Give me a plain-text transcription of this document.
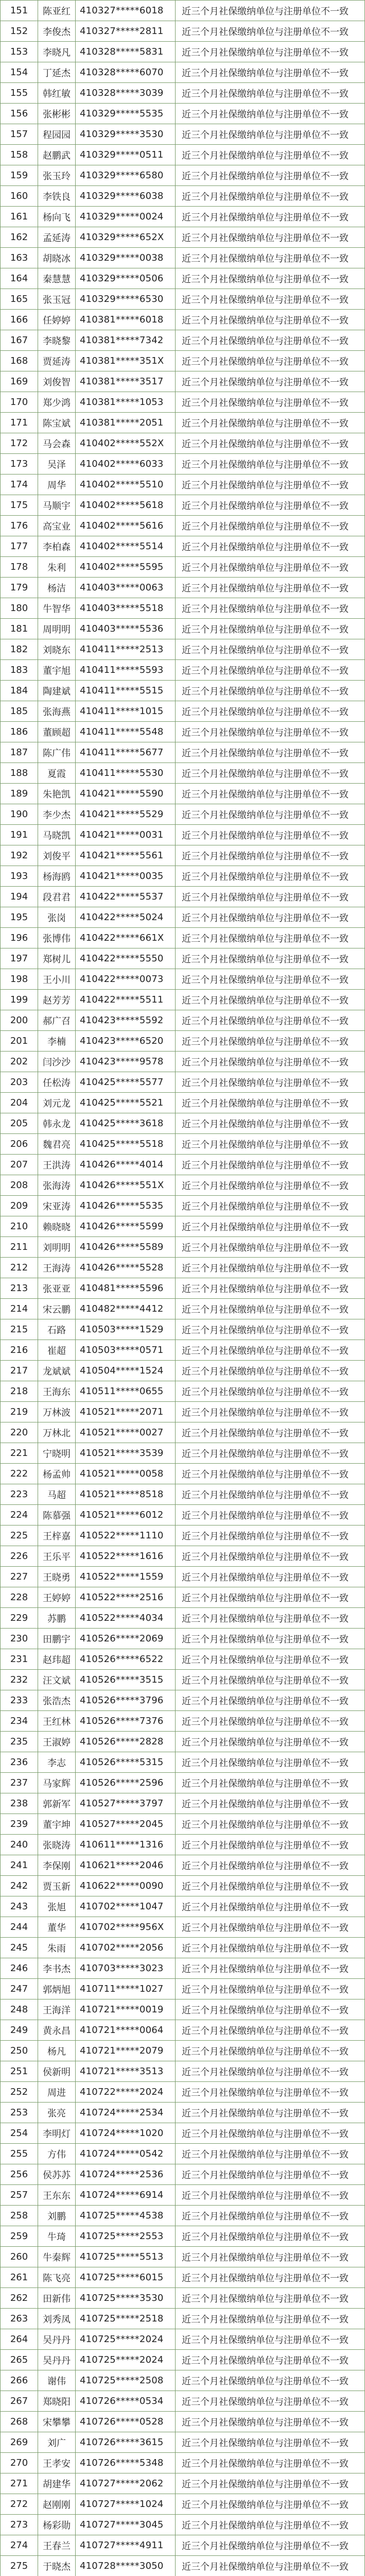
151	陈亚红	410327*****6018	近三个月社保缴纳单位与注册单位不一致
152	李俊杰	410327*****2811	近三个月社保缴纳单位与注册单位不一致
153	李晓凡	410328*****5831	近三个月社保缴纳单位与注册单位不一致
154	丁延杰	410328*****6070	近三个月社保缴纳单位与注册单位不一致
155	韩红敏	410328*****3039	近三个月社保缴纳单位与注册单位不一致
156	张彬彬	410329*****5535	近三个月社保缴纳单位与注册单位不一致
157	程园园	410329*****3530	近三个月社保缴纳单位与注册单位不一致
158	赵鹏武	410329*****0511	近三个月社保缴纳单位与注册单位不一致
159	张玉玲	410329*****6580	近三个月社保缴纳单位与注册单位不一致
160	李铁良	410329*****6038	近三个月社保缴纳单位与注册单位不一致
161	杨向飞	410329*****0024	近三个月社保缴纳单位与注册单位不一致
162	孟延涛	410329*****652X	近三个月社保缴纳单位与注册单位不一致
163	胡晓冰	410329*****0038	近三个月社保缴纳单位与注册单位不一致
164	秦慧慧	410329*****0506	近三个月社保缴纳单位与注册单位不一致
165	张玉冠	410329*****6530	近三个月社保缴纳单位与注册单位不一致
166	任婷婷	410381*****6018	近三个月社保缴纳单位与注册单位不一致
167	李晓黎	410381*****7342	近三个月社保缴纳单位与注册单位不一致
168	贾延涛	410381*****351X	近三个月社保缴纳单位与注册单位不一致
169	刘俊智	410381*****3517	近三个月社保缴纳单位与注册单位不一致
170	郑少鸿	410381*****1053	近三个月社保缴纳单位与注册单位不一致
171	陈宝斌	410381*****2051	近三个月社保缴纳单位与注册单位不一致
172	马会森	410402*****552X	近三个月社保缴纳单位与注册单位不一致
173	吴泽	410402*****6033	近三个月社保缴纳单位与注册单位不一致
174	周华	410402*****5510	近三个月社保缴纳单位与注册单位不一致
175	马顺宇	410402*****5618	近三个月社保缴纳单位与注册单位不一致
176	高宝业	410402*****5616	近三个月社保缴纳单位与注册单位不一致
177	李柏森	410402*****5514	近三个月社保缴纳单位与注册单位不一致
178	朱利	410402*****5595	近三个月社保缴纳单位与注册单位不一致
179	杨洁	410403*****0063	近三个月社保缴纳单位与注册单位不一致
180	牛智华	410403*****5518	近三个月社保缴纳单位与注册单位不一致
181	周明明	410403*****5536	近三个月社保缴纳单位与注册单位不一致
182	刘晓东	410411*****2513	近三个月社保缴纳单位与注册单位不一致
183	董宇旭	410411*****5593	近三个月社保缴纳单位与注册单位不一致
184	陶建斌	410411*****5515	近三个月社保缴纳单位与注册单位不一致
185	张海燕	410411*****1015	近三个月社保缴纳单位与注册单位不一致
186	董顾超	410411*****5548	近三个月社保缴纳单位与注册单位不一致
187	陈广伟	410411*****5677	近三个月社保缴纳单位与注册单位不一致
188	夏霞	410411*****5530	近三个月社保缴纳单位与注册单位不一致
189	朱艳凯	410421*****5590	近三个月社保缴纳单位与注册单位不一致
190	李少杰	410421*****5529	近三个月社保缴纳单位与注册单位不一致
191	马晓凯	410421*****0031	近三个月社保缴纳单位与注册单位不一致
192	刘俊平	410421*****5561	近三个月社保缴纳单位与注册单位不一致
193	杨海鸥	410421*****0035	近三个月社保缴纳单位与注册单位不一致
194	段君君	410422*****5537	近三个月社保缴纳单位与注册单位不一致
195	张岗	410422*****5024	近三个月社保缴纳单位与注册单位不一致
196	张博伟	410422*****661X	近三个月社保缴纳单位与注册单位不一致
197	郑树儿	410422*****5550	近三个月社保缴纳单位与注册单位不一致
198	王小川	410422*****0073	近三个月社保缴纳单位与注册单位不一致
199	赵芳芳	410422*****5511	近三个月社保缴纳单位与注册单位不一致
200	郝广召	410423*****5592	近三个月社保缴纳单位与注册单位不一致
201	李楠	410423*****6520	近三个月社保缴纳单位与注册单位不一致
202	闫沙沙	410423*****9578	近三个月社保缴纳单位与注册单位不一致
203	任松涛	410425*****5577	近三个月社保缴纳单位与注册单位不一致
204	刘元龙	410425*****5521	近三个月社保缴纳单位与注册单位不一致
205	韩永龙	410425*****3618	近三个月社保缴纳单位与注册单位不一致
206	魏君亮	410425*****5518	近三个月社保缴纳单位与注册单位不一致
207	王洪涛	410426*****4014	近三个月社保缴纳单位与注册单位不一致
208	张海涛	410426*****551X	近三个月社保缴纳单位与注册单位不一致
209	宋亚涛	410426*****5535	近三个月社保缴纳单位与注册单位不一致
210	赖晓晓	410426*****5599	近三个月社保缴纳单位与注册单位不一致
211	刘明明	410426*****5589	近三个月社保缴纳单位与注册单位不一致
212	王海涛	410426*****5528	近三个月社保缴纳单位与注册单位不一致
213	张亚亚	410481*****5596	近三个月社保缴纳单位与注册单位不一致
214	宋云鹏	410482*****4412	近三个月社保缴纳单位与注册单位不一致
215	石路	410503*****1529	近三个月社保缴纳单位与注册单位不一致
216	崔超	410503*****0571	近三个月社保缴纳单位与注册单位不一致
217	龙斌斌	410504*****1524	近三个月社保缴纳单位与注册单位不一致
218	王海东	410511*****0655	近三个月社保缴纳单位与注册单位不一致
219	万林波	410521*****2071	近三个月社保缴纳单位与注册单位不一致
220	万林北	410521*****0027	近三个月社保缴纳单位与注册单位不一致
221	宁晓明	410521*****3539	近三个月社保缴纳单位与注册单位不一致
222	杨孟帅	410521*****0058	近三个月社保缴纳单位与注册单位不一致
223	马超	410521*****8518	近三个月社保缴纳单位与注册单位不一致
224	陈慕强	410521*****6012	近三个月社保缴纳单位与注册单位不一致
225	王梓嘉	410522*****1110	近三个月社保缴纳单位与注册单位不一致
226	王乐平	410522*****1616	近三个月社保缴纳单位与注册单位不一致
227	王晓勇	410522*****1559	近三个月社保缴纳单位与注册单位不一致
228	王婷婷	410522*****2516	近三个月社保缴纳单位与注册单位不一致
229	苏鹏	410522*****4034	近三个月社保缴纳单位与注册单位不一致
230	田鹏宇	410526*****2069	近三个月社保缴纳单位与注册单位不一致
231	赵玮超	410526*****6522	近三个月社保缴纳单位与注册单位不一致
232	汪文斌	410526*****3515	近三个月社保缴纳单位与注册单位不一致
233	张浩杰	410526*****3796	近三个月社保缴纳单位与注册单位不一致
234	王红林	410526*****7376	近三个月社保缴纳单位与注册单位不一致
235	王淑婷	410526*****2828	近三个月社保缴纳单位与注册单位不一致
236	李志	410526*****5315	近三个月社保缴纳单位与注册单位不一致
237	马家辉	410526*****2596	近三个月社保缴纳单位与注册单位不一致
238	郭新军	410527*****3797	近三个月社保缴纳单位与注册单位不一致
239	董宇坤	410527*****2045	近三个月社保缴纳单位与注册单位不一致
240	张晓涛	410611*****1316	近三个月社保缴纳单位与注册单位不一致
241	李保刚	410621*****2046	近三个月社保缴纳单位与注册单位不一致
242	贾玉新	410622*****0090	近三个月社保缴纳单位与注册单位不一致
243	张旭	410702*****1047	近三个月社保缴纳单位与注册单位不一致
244	董华	410702*****956X	近三个月社保缴纳单位与注册单位不一致
245	朱雨	410702*****2056	近三个月社保缴纳单位与注册单位不一致
246	李书杰	410703*****3023	近三个月社保缴纳单位与注册单位不一致
247	郭炳旭	410711*****1027	近三个月社保缴纳单位与注册单位不一致
248	王海洋	410721*****0019	近三个月社保缴纳单位与注册单位不一致
249	黄永昌	410721*****0064	近三个月社保缴纳单位与注册单位不一致
250	杨凡	410721*****2079	近三个月社保缴纳单位与注册单位不一致
251	侯新明	410721*****3513	近三个月社保缴纳单位与注册单位不一致
252	周进	410722*****2024	近三个月社保缴纳单位与注册单位不一致
253	张亮	410724*****2534	近三个月社保缴纳单位与注册单位不一致
254	李明灯	410724*****1020	近三个月社保缴纳单位与注册单位不一致
255	方伟	410724*****0542	近三个月社保缴纳单位与注册单位不一致
256	侯苏苏	410724*****2536	近三个月社保缴纳单位与注册单位不一致
257	王东东	410724*****6914	近三个月社保缴纳单位与注册单位不一致
258	刘鹏	410725*****4538	近三个月社保缴纳单位与注册单位不一致
259	牛琦	410725*****2553	近三个月社保缴纳单位与注册单位不一致
260	牛秦辉	410725*****5513	近三个月社保缴纳单位与注册单位不一致
261	陈飞亮	410725*****6015	近三个月社保缴纳单位与注册单位不一致
262	田新伟	410725*****3530	近三个月社保缴纳单位与注册单位不一致
263	刘秀凤	410725*****2518	近三个月社保缴纳单位与注册单位不一致
264	吴丹丹	410725*****2024	近三个月社保缴纳单位与注册单位不一致
265	吴丹丹	410725*****2024	近三个月社保缴纳单位与注册单位不一致
266	谢伟	410725*****2508	近三个月社保缴纳单位与注册单位不一致
267	郑晓阳	410726*****0534	近三个月社保缴纳单位与注册单位不一致
268	宋攀攀	410726*****0528	近三个月社保缴纳单位与注册单位不一致
269	刘广	410726*****3615	近三个月社保缴纳单位与注册单位不一致
270	王孝安	410726*****5348	近三个月社保缴纳单位与注册单位不一致
271	胡建华	410727*****2062	近三个月社保缴纳单位与注册单位不一致
272	赵刚刚	410727*****1024	近三个月社保缴纳单位与注册单位不一致
273	杨彩勋	410727*****3045	近三个月社保缴纳单位与注册单位不一致
274	王春兰	410727*****4911	近三个月社保缴纳单位与注册单位不一致
275	于晓杰	410728*****3050	近三个月社保缴纳单位与注册单位不一致
